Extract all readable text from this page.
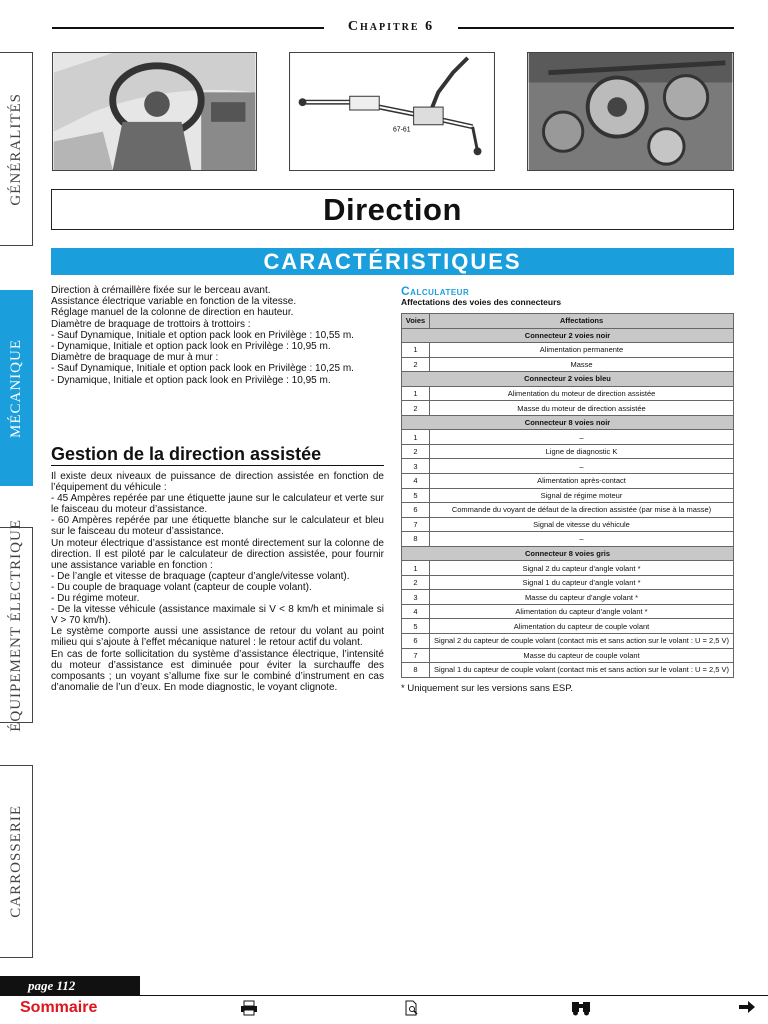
Chapitre 6
67-61
Direction
CARACTÉRISTIQUES
GÉNÉRALITÉS
MÉCANIQUE
ÉQUIPEMENT ÉLECTRIQUE
CARROSSERIE
Direction à crémaillère fixée sur le berceau avant.
Assistance électrique variable en fonction de la vitesse.
Réglage manuel de la colonne de direction en hauteur.
Diamètre de braquage de trottoirs à trottoirs :
- Sauf Dynamique, Initiale et option pack look en Privilège : 10,55 m.
- Dynamique, Initiale et option pack look en Privilège : 10,95 m.
Diamètre de braquage de mur à mur :
- Sauf Dynamique, Initiale et option pack look en Privilège : 10,25 m.
- Dynamique, Initiale et option pack look en Privilège : 10,95 m.
Gestion de la direction assistée
Il existe deux niveaux de puissance de direction assistée en fonction de l’équipement du véhicule :
- 45 Ampères repérée par une étiquette jaune sur le calculateur et verte sur le faisceau du moteur d’assistance.
- 60 Ampères repérée par une étiquette blanche sur le calculateur et bleu sur le faisceau du moteur d’assistance.
Un moteur électrique d’assistance est monté directement sur la colonne de direction. Il est piloté par le calculateur de direction assistée, pour fournir une assistance variable en fonction :
- De l’angle et vitesse de braquage (capteur d’angle/vitesse volant).
- Du couple de braquage volant (capteur de couple volant).
- Du régime moteur.
- De la vitesse véhicule (assistance maximale si V < 8 km/h et minimale si V > 70 km/h).
Le système comporte aussi une assistance de retour du volant au point milieu qui s’ajoute à l’effet mécanique naturel : le retour actif du volant.
En cas de forte sollicitation du système d’assistance électrique, l’intensité du moteur d’assistance est diminuée pour éviter la surchauffe des composants ; un voyant s’allume fixe sur le combiné d’instrument en cas d’anomalie de l’un d’eux. En mode diagnostic, le voyant clignote.
Calculateur
Affectations des voies des connecteurs
Voies	Affectations
Connecteur 2 voies noir	
1	Alimentation permanente
2	Masse
Connecteur 2 voies bleu	
1	Alimentation du moteur de direction assistée
2	Masse du moteur de direction assistée
Connecteur 8 voies noir	
1	–
2	Ligne de diagnostic K
3	–
4	Alimentation après-contact
5	Signal de régime moteur
6	Commande du voyant de défaut de la direction assistée (par mise à la masse)
7	Signal de vitesse du véhicule
8	–
Connecteur 8 voies gris	
1	Signal 2 du capteur d’angle volant *
2	Signal 1 du capteur d’angle volant *
3	Masse du capteur d’angle volant *
4	Alimentation du capteur d’angle volant *
5	Alimentation du capteur de couple volant
6	Signal 2 du capteur de couple volant (contact mis et sans action sur le volant : U = 2,5 V)
7	Masse du capteur de couple volant
8	Signal 1 du capteur de couple volant (contact mis et sans action sur le volant : U = 2,5 V)
* Uniquement sur les versions sans ESP.
page 112
Sommaire
